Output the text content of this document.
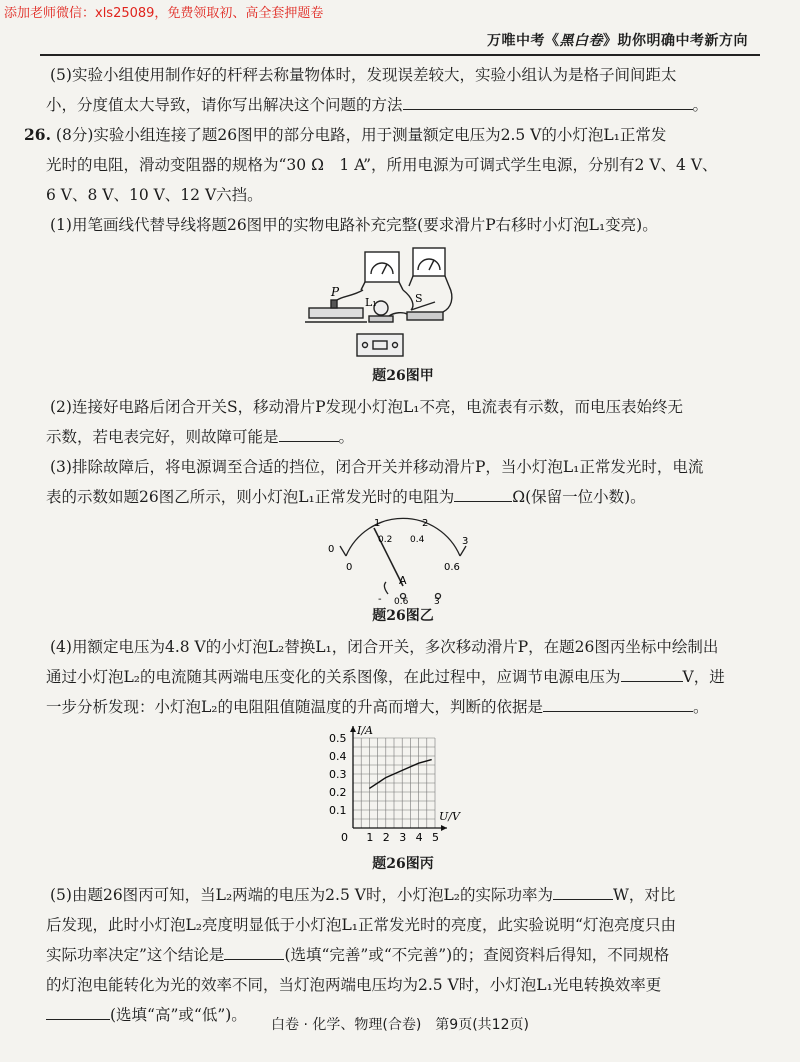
添加老师微信：xls25089，免费领取初、高全套押题卷
万唯中考《黑白卷》助你明确中考新方向

(5)实验小组使用制作好的杆秤去称量物体时，发现误差较大，实验小组认为是格子间间距太

小，分度值太大导致，请你写出解决这个问题的方法	。

26. (8分)实验小组连接了题26图甲的部分电路，用于测量额定电压为2.5 V的小灯泡L₁正常发

光时的电阻，滑动变阻器的规格为“30 Ω　1 A”，所用电源为可调式学生电源，分别有2 V、4 V、

6 V、8 V、10 V、12 V六挡。

(1)用笔画线代替导线将题26图甲的实物电路补充完整(要求滑片P右移时小灯泡L₁变亮)。

P
L₁	S
题26图甲

(2)连接好电路后闭合开关S，移动滑片P发现小灯泡L₁不亮，电流表有示数，而电压表始终无

示数，若电表完好，则故障可能是	。

(3)排除故障后，将电源调至合适的挡位，闭合开关并移动滑片P，当小灯泡L₁正常发光时，电流

表的示数如题26图乙所示，则小灯泡L₁正常发光时的电阻为	Ω(保留一位小数)。

0
1	2
3
0
0.2 0.4
0.6
A
- 0.6	3
题26图乙

(4)用额定电压为4.8 V的小灯泡L₂替换L₁，闭合开关，多次移动滑片P，在题26图丙坐标中绘制出

通过小灯泡L₂的电流随其两端电压变化的关系图像，在此过程中，应调节电源电压为	V，进

一步分析发现：小灯泡L₂的电阻阻值随温度的升高而增大，判断的依据是	。

1 2 3 4 5
0.1
0.2
0.3
0.4
0.5
0
I/A
U/V
题26图丙

(5)由题26图丙可知，当L₂两端的电压为2.5 V时，小灯泡L₂的实际功率为	W，对比

后发现，此时小灯泡L₂亮度明显低于小灯泡L₁正常发光时的亮度，此实验说明“灯泡亮度只由

实际功率决定”这个结论是	(选填“完善”或“不完善”)的；查阅资料后得知，不同规格

的灯泡电能转化为光的效率不同，当灯泡两端电压均为2.5 V时，小灯泡L₁光电转换效率更

(选填“高”或“低”)。

白卷 · 化学、物理(合卷)　第9页(共12页)
